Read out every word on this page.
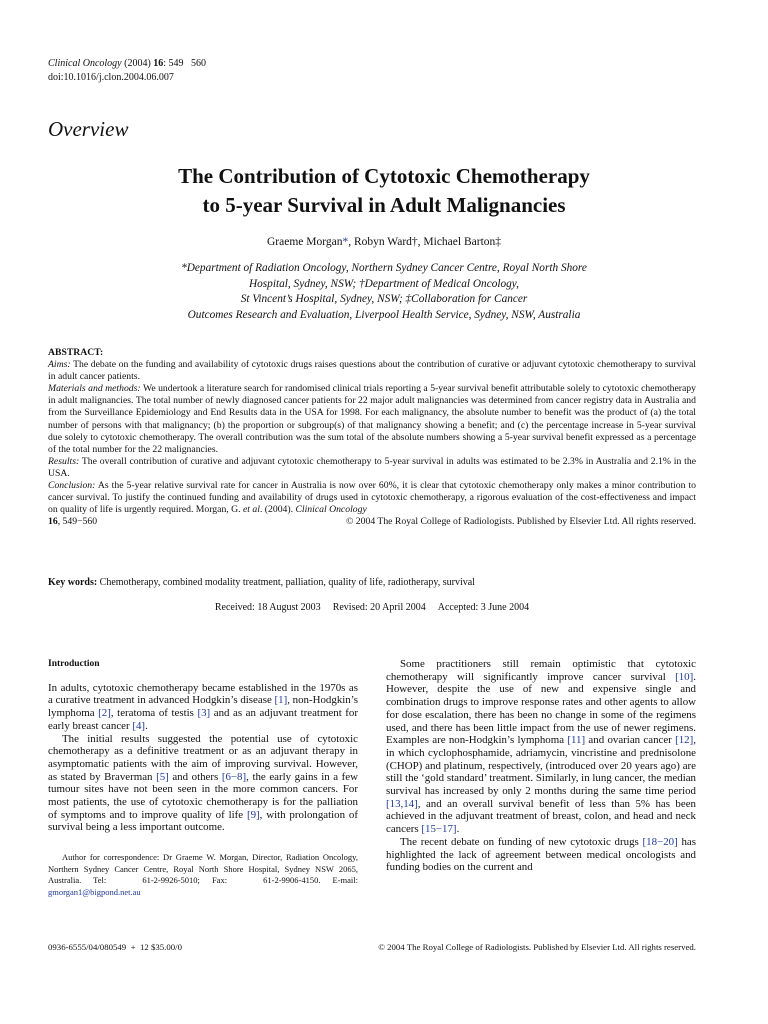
Clinical Oncology (2004) 16: 549   560
doi:10.1016/j.clon.2004.06.007
Overview
The Contribution of Cytotoxic Chemotherapy
to 5-year Survival in Adult Malignancies
Graeme Morgan*, Robyn Ward†, Michael Barton‡
*Department of Radiation Oncology, Northern Sydney Cancer Centre, Royal North Shore
Hospital, Sydney, NSW; †Department of Medical Oncology,
St Vincent’s Hospital, Sydney, NSW; ‡Collaboration for Cancer
Outcomes Research and Evaluation, Liverpool Health Service, Sydney, NSW, Australia

ABSTRACT:

Aims: The debate on the funding and availability of cytotoxic drugs raises questions about the contribution of curative or adjuvant cytotoxic chemotherapy to survival in adult cancer patients.

Materials and methods: We undertook a literature search for randomised clinical trials reporting a 5-year survival benefit attributable solely to cytotoxic chemotherapy in adult malignancies. The total number of newly diagnosed cancer patients for 22 major adult malignancies was determined from cancer registry data in Australia and from the Surveillance Epidemiology and End Results data in the USA for 1998. For each malignancy, the absolute number to benefit was the product of (a) the total number of persons with that malignancy; (b) the proportion or subgroup(s) of that malignancy showing a benefit; and (c) the percentage increase in 5-year survival due solely to cytotoxic chemotherapy. The overall contribution was the sum total of the absolute numbers showing a 5-year survival benefit expressed as a percentage of the total number for the 22 malignancies.

Results: The overall contribution of curative and adjuvant cytotoxic chemotherapy to 5-year survival in adults was estimated to be 2.3% in Australia and 2.1% in the USA.

Conclusion: As the 5-year relative survival rate for cancer in Australia is now over 60%, it is clear that cytotoxic chemotherapy only makes a minor contribution to cancer survival. To justify the continued funding and availability of drugs used in cytotoxic chemotherapy, a rigorous evaluation of the cost-effectiveness and impact on quality of life is urgently required. Morgan, G. et al. (2004). Clinical Oncology
16, 549−560	© 2004 The Royal College of Radiologists. Published by Elsevier Ltd. All rights reserved.

Key words: Chemotherapy, combined modality treatment, palliation, quality of life, radiotherapy, survival
Received: 18 August 2003 Revised: 20 April 2004 Accepted: 3 June 2004

Introduction

In adults, cytotoxic chemotherapy became established in the 1970s as a curative treatment in advanced Hodgkin’s disease [1], non-Hodgkin’s lymphoma [2], teratoma of testis [3] and as an adjuvant treatment for early breast cancer [4].

The initial results suggested the potential use of cytotoxic chemotherapy as a definitive treatment or as an adjuvant therapy in asymptomatic patients with the aim of improving survival. However, as stated by Braverman [5] and others [6−8], the early gains in a few tumour sites have not been seen in the more common cancers. For most patients, the use of cytotoxic chemotherapy is for the palliation of symptoms and to improve quality of life [9], with prolongation of survival being a less important outcome.

Author for correspondence: Dr Graeme W. Morgan, Director, Radiation Oncology, Northern Sydney Cancer Centre, Royal North Shore Hospital, Sydney NSW 2065, Australia. Tel:   61-2-9926-5010; Fax:   61-2-9906-4150. E-mail: gmorgan1@bigpond.net.au

Some practitioners still remain optimistic that cytotoxic chemotherapy will significantly improve cancer survival [10]. However, despite the use of new and expensive single and combination drugs to improve response rates and other agents to allow for dose escalation, there has been no change in some of the regimens used, and there has been little impact from the use of newer regimens. Examples are non-Hodgkin’s lymphoma [11] and ovarian cancer [12], in which cyclophosphamide, adriamycin, vincristine and prednisolone (CHOP) and platinum, respectively, (introduced over 20 years ago) are still the ‘gold standard’ treatment. Similarly, in lung cancer, the median survival has increased by only 2 months during the same time period [13,14], and an overall survival benefit of less than 5% has been achieved in the adjuvant treatment of breast, colon, and head and neck cancers [15−17].

The recent debate on funding of new cytotoxic drugs [18−20] has highlighted the lack of agreement between medical oncologists and funding bodies on the current and

0936-6555/04/080549  +  12 $35.00/0	© 2004 The Royal College of Radiologists. Published by Elsevier Ltd. All rights reserved.
